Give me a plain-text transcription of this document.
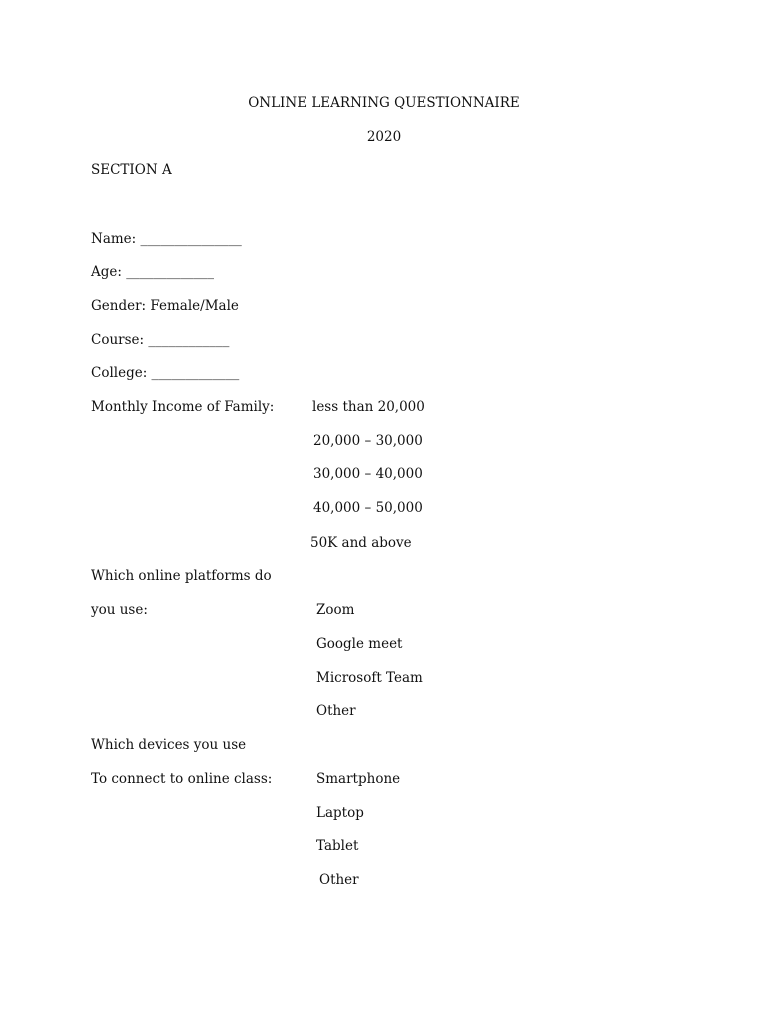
ONLINE LEARNING QUESTIONNAIRE
2020
SECTION A
Name: _______________
Age: _____________
Gender: Female/Male
Course: ____________
College: _____________
Monthly Income of Family:	less than 20,000
20,000 – 30,000
30,000 – 40,000
40,000 – 50,000
50K and above
Which online platforms do
you use:	Zoom
Google meet
Microsoft Team
Other
Which devices you use
To connect to online class:	Smartphone
Laptop
Tablet
Other
